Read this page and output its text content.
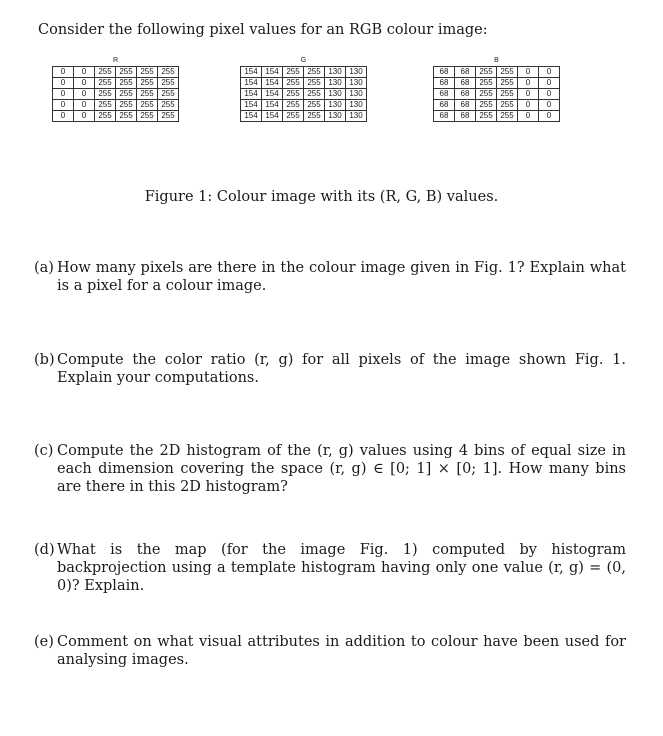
Consider the following pixel values for an RGB colour image:
R
0	0	255	255	255	255
0	0	255	255	255	255
0	0	255	255	255	255
0	0	255	255	255	255
0	0	255	255	255	255
G
154	154	255	255	130	130
154	154	255	255	130	130
154	154	255	255	130	130
154	154	255	255	130	130
154	154	255	255	130	130
B
68	68	255	255	0	0
68	68	255	255	0	0
68	68	255	255	0	0
68	68	255	255	0	0
68	68	255	255	0	0
Figure 1: Colour image with its (R, G, B) values.
(a) How many pixels are there in the colour image given in Fig. 1? Explain what is a pixel for a colour image.
(b) Compute the color ratio (r, g) for all pixels of the image shown Fig. 1. Explain your computations.
(c) Compute the 2D histogram of the (r, g) values using 4 bins of equal size in each dimension covering the space (r, g) ∈ [0; 1] × [0; 1]. How many bins are there in this 2D histogram?
(d) What is the map (for the image Fig. 1) computed by histogram backprojection using a template histogram having only one value (r, g) = (0, 0)? Explain.
(e) Comment on what visual attributes in addition to colour have been used for analysing images.
